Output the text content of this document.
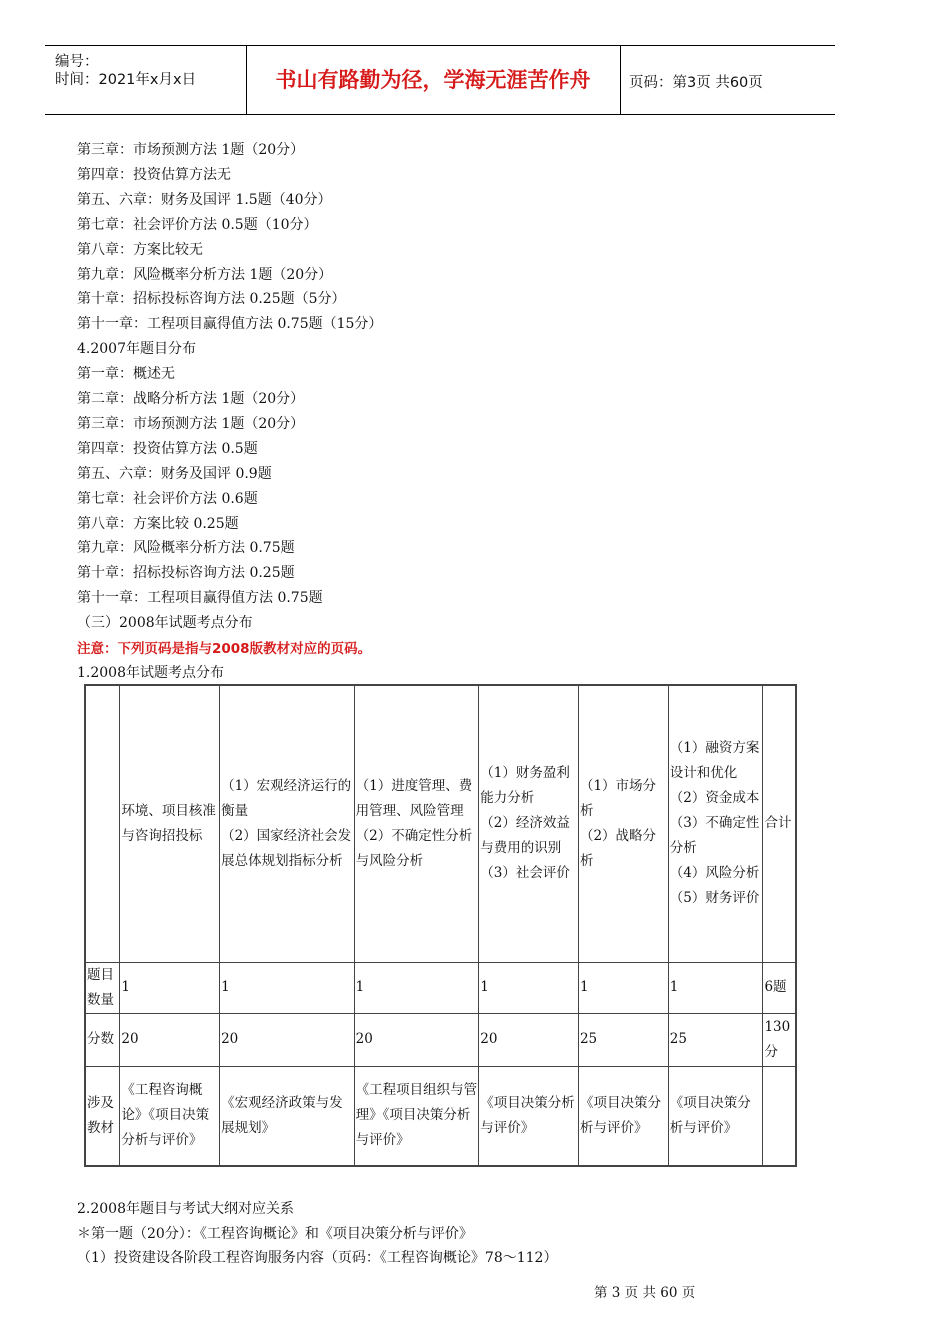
编号：
时间：2021年x月x日	书山有路勤为径，学海无涯苦作舟	页码：第3页 共60页
第三章：市场预测方法 1题（20分）
第四章：投资估算方法无
第五、六章：财务及国评 1.5题（40分）
第七章：社会评价方法 0.5题（10分）
第八章：方案比较无
第九章：风险概率分析方法 1题（20分）
第十章：招标投标咨询方法 0.25题（5分）
第十一章：工程项目赢得值方法 0.75题（15分）
4.2007年题目分布
第一章：概述无
第二章：战略分析方法 1题（20分）
第三章：市场预测方法 1题（20分）
第四章：投资估算方法 0.5题
第五、六章：财务及国评 0.9题
第七章：社会评价方法 0.6题
第八章：方案比较 0.25题
第九章：风险概率分析方法 0.75题
第十章：招标投标咨询方法 0.25题
第十一章：工程项目赢得值方法 0.75题
（三）2008年试题考点分布
注意：下列页码是指与2008版教材对应的页码。
1.2008年试题考点分布
	环境、项目核准与咨询招投标	（1）宏观经济运行的衡量
（2）国家经济社会发展总体规划指标分析	（1）进度管理、费用管理、风险管理
（2）不确定性分析与风险分析	（1）财务盈利能力分析
（2）经济效益与费用的识别
（3）社会评价	（1）市场分析
（2）战略分析	（1）融资方案设计和优化
（2）资金成本
（3）不确定性分析
（4）风险分析
（5）财务评价	合计
题目数量	1	1	1	1	1	1	6题
分数	20	20	20	20	25	25	130分
涉及教材	《工程咨询概论》《项目决策分析与评价》	《宏观经济政策与发展规划》	《工程项目组织与管理》《项目决策分析与评价》	《项目决策分析与评价》	《项目决策分析与评价》	《项目决策分析与评价》	
2.2008年题目与考试大纲对应关系
＊第一题（20分）：《工程咨询概论》和《项目决策分析与评价》
（1）投资建设各阶段工程咨询服务内容（页码：《工程咨询概论》78～112）
第 3 页 共 60 页
